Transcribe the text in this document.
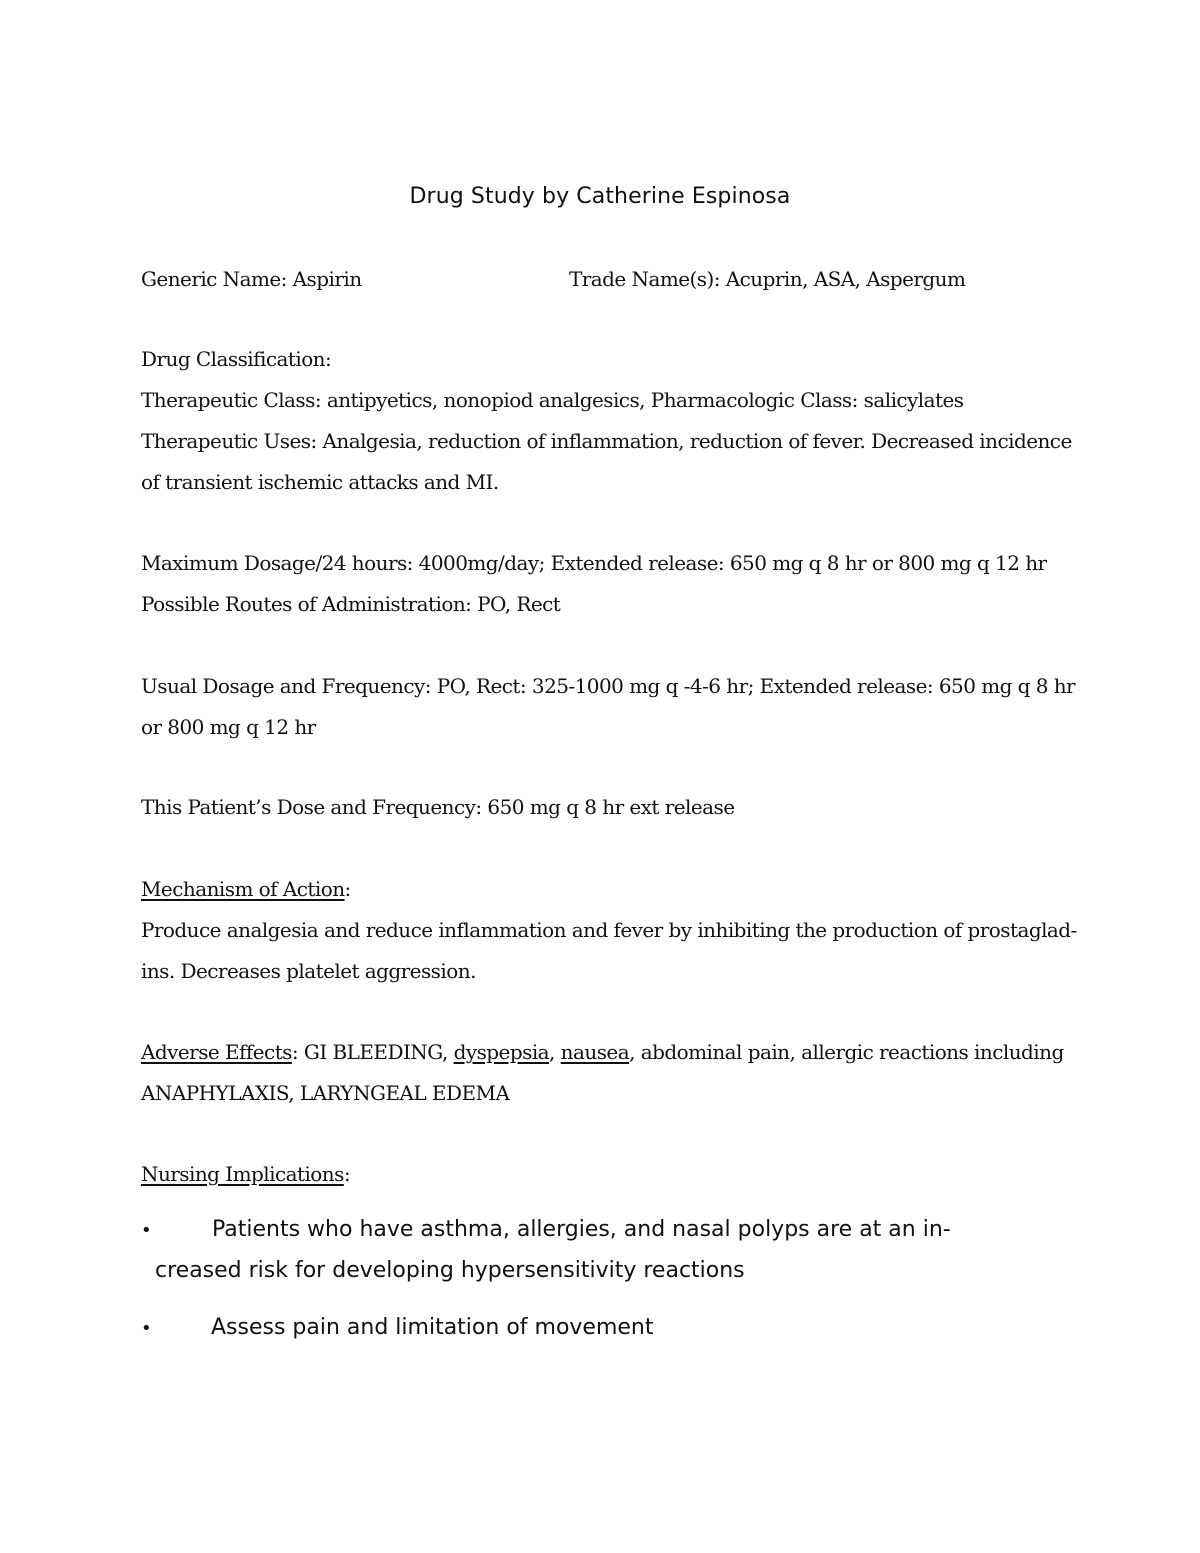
Drug Study by Catherine Espinosa
Generic Name: Aspirin	Trade Name(s): Acuprin, ASA, Aspergum
Drug Classification:
Therapeutic Class: antipyetics, nonopiod analgesics, Pharmacologic Class: salicylates
Therapeutic Uses: Analgesia, reduction of inflammation, reduction of fever. Decreased incidence
of transient ischemic attacks and MI.
Maximum Dosage/24 hours: 4000mg/day; Extended release: 650 mg q 8 hr or 800 mg q 12 hr
Possible Routes of Administration: PO, Rect
Usual Dosage and Frequency: PO, Rect: 325-1000 mg q -4-6 hr; Extended release: 650 mg q 8 hr
or 800 mg q 12 hr
This Patient’s Dose and Frequency: 650 mg q 8 hr ext release
Mechanism of Action:
Produce analgesia and reduce inflammation and fever by inhibiting the production of prostaglad-
ins. Decreases platelet aggression.
Adverse Effects: GI BLEEDING, dyspepsia, nausea, abdominal pain, allergic reactions including
ANAPHYLAXIS, LARYNGEAL EDEMA
Nursing Implications:
•	Patients who have asthma, allergies, and nasal polyps are at an in-
creased risk for developing hypersensitivity reactions
•	Assess pain and limitation of movement
